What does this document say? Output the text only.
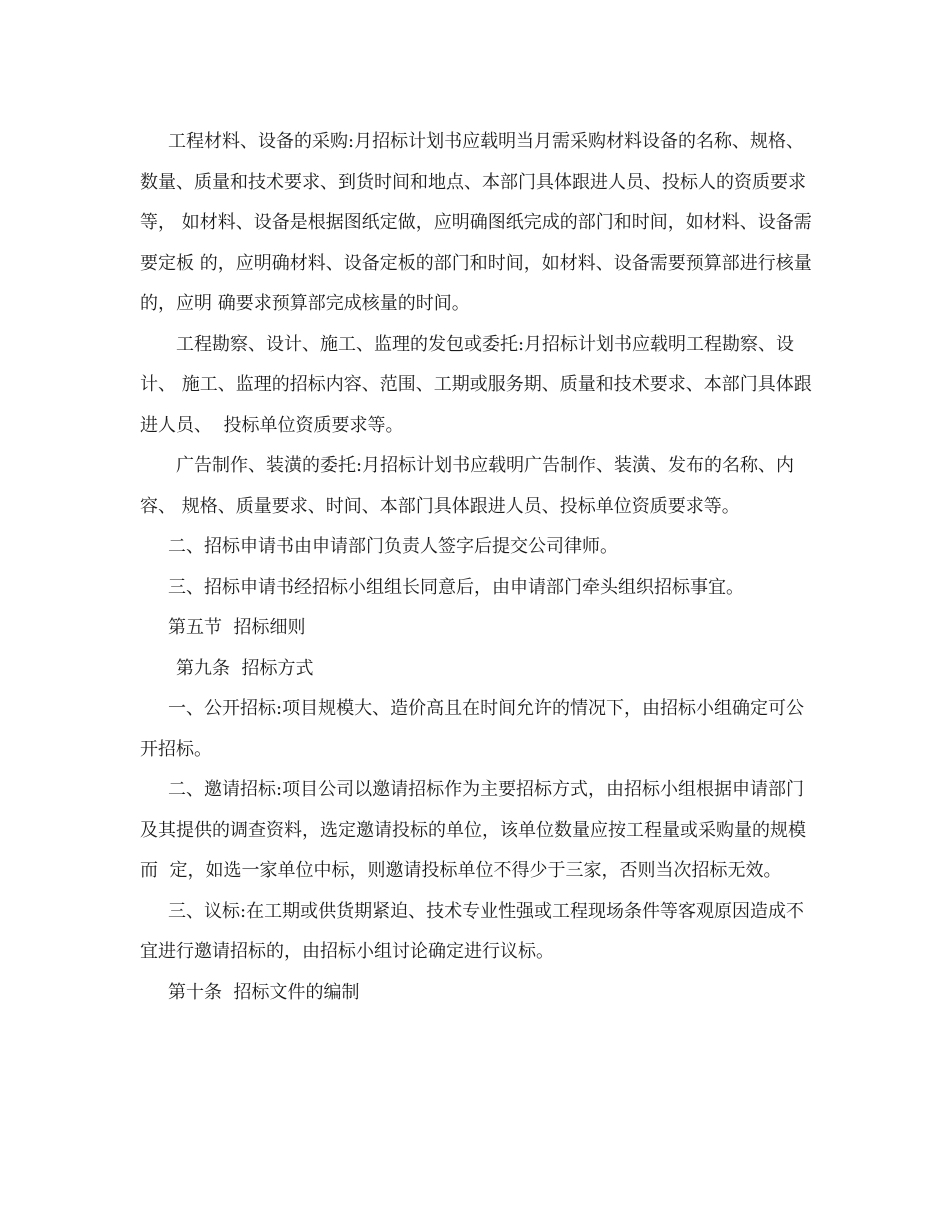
工程材料、设备的采购:月招标计划书应载明当月需采购材料设备的名称、规格、 数量、质量和技术要求、到货时间和地点、本部门具体跟进人员、投标人的资质要求等， 如材料、设备是根据图纸定做，应明确图纸完成的部门和时间，如材料、设备需要定板 的，应明确材料、设备定板的部门和时间，如材料、设备需要预算部进行核量的，应明 确要求预算部完成核量的时间。

工程勘察、设计、施工、监理的发包或委托:月招标计划书应载明工程勘察、设计、 施工、监理的招标内容、范围、工期或服务期、质量和技术要求、本部门具体跟进人员、  投标单位资质要求等。

广告制作、装潢的委托:月招标计划书应载明广告制作、装潢、发布的名称、内容、 规格、质量要求、时间、本部门具体跟进人员、投标单位资质要求等。

二、招标申请书由申请部门负责人签字后提交公司律师。

三、招标申请书经招标小组组长同意后，由申请部门牵头组织招标事宜。

第五节  招标细则

第九条  招标方式

一、公开招标:项目规模大、造价高且在时间允许的情况下，由招标小组确定可公开招标。

二、邀请招标:项目公司以邀请招标作为主要招标方式，由招标小组根据申请部门及其提供的调查资料，选定邀请投标的单位，该单位数量应按工程量或采购量的规模而  定，如选一家单位中标，则邀请投标单位不得少于三家，否则当次招标无效。

三、议标:在工期或供货期紧迫、技术专业性强或工程现场条件等客观原因造成不  宜进行邀请招标的，由招标小组讨论确定进行议标。

第十条  招标文件的编制
